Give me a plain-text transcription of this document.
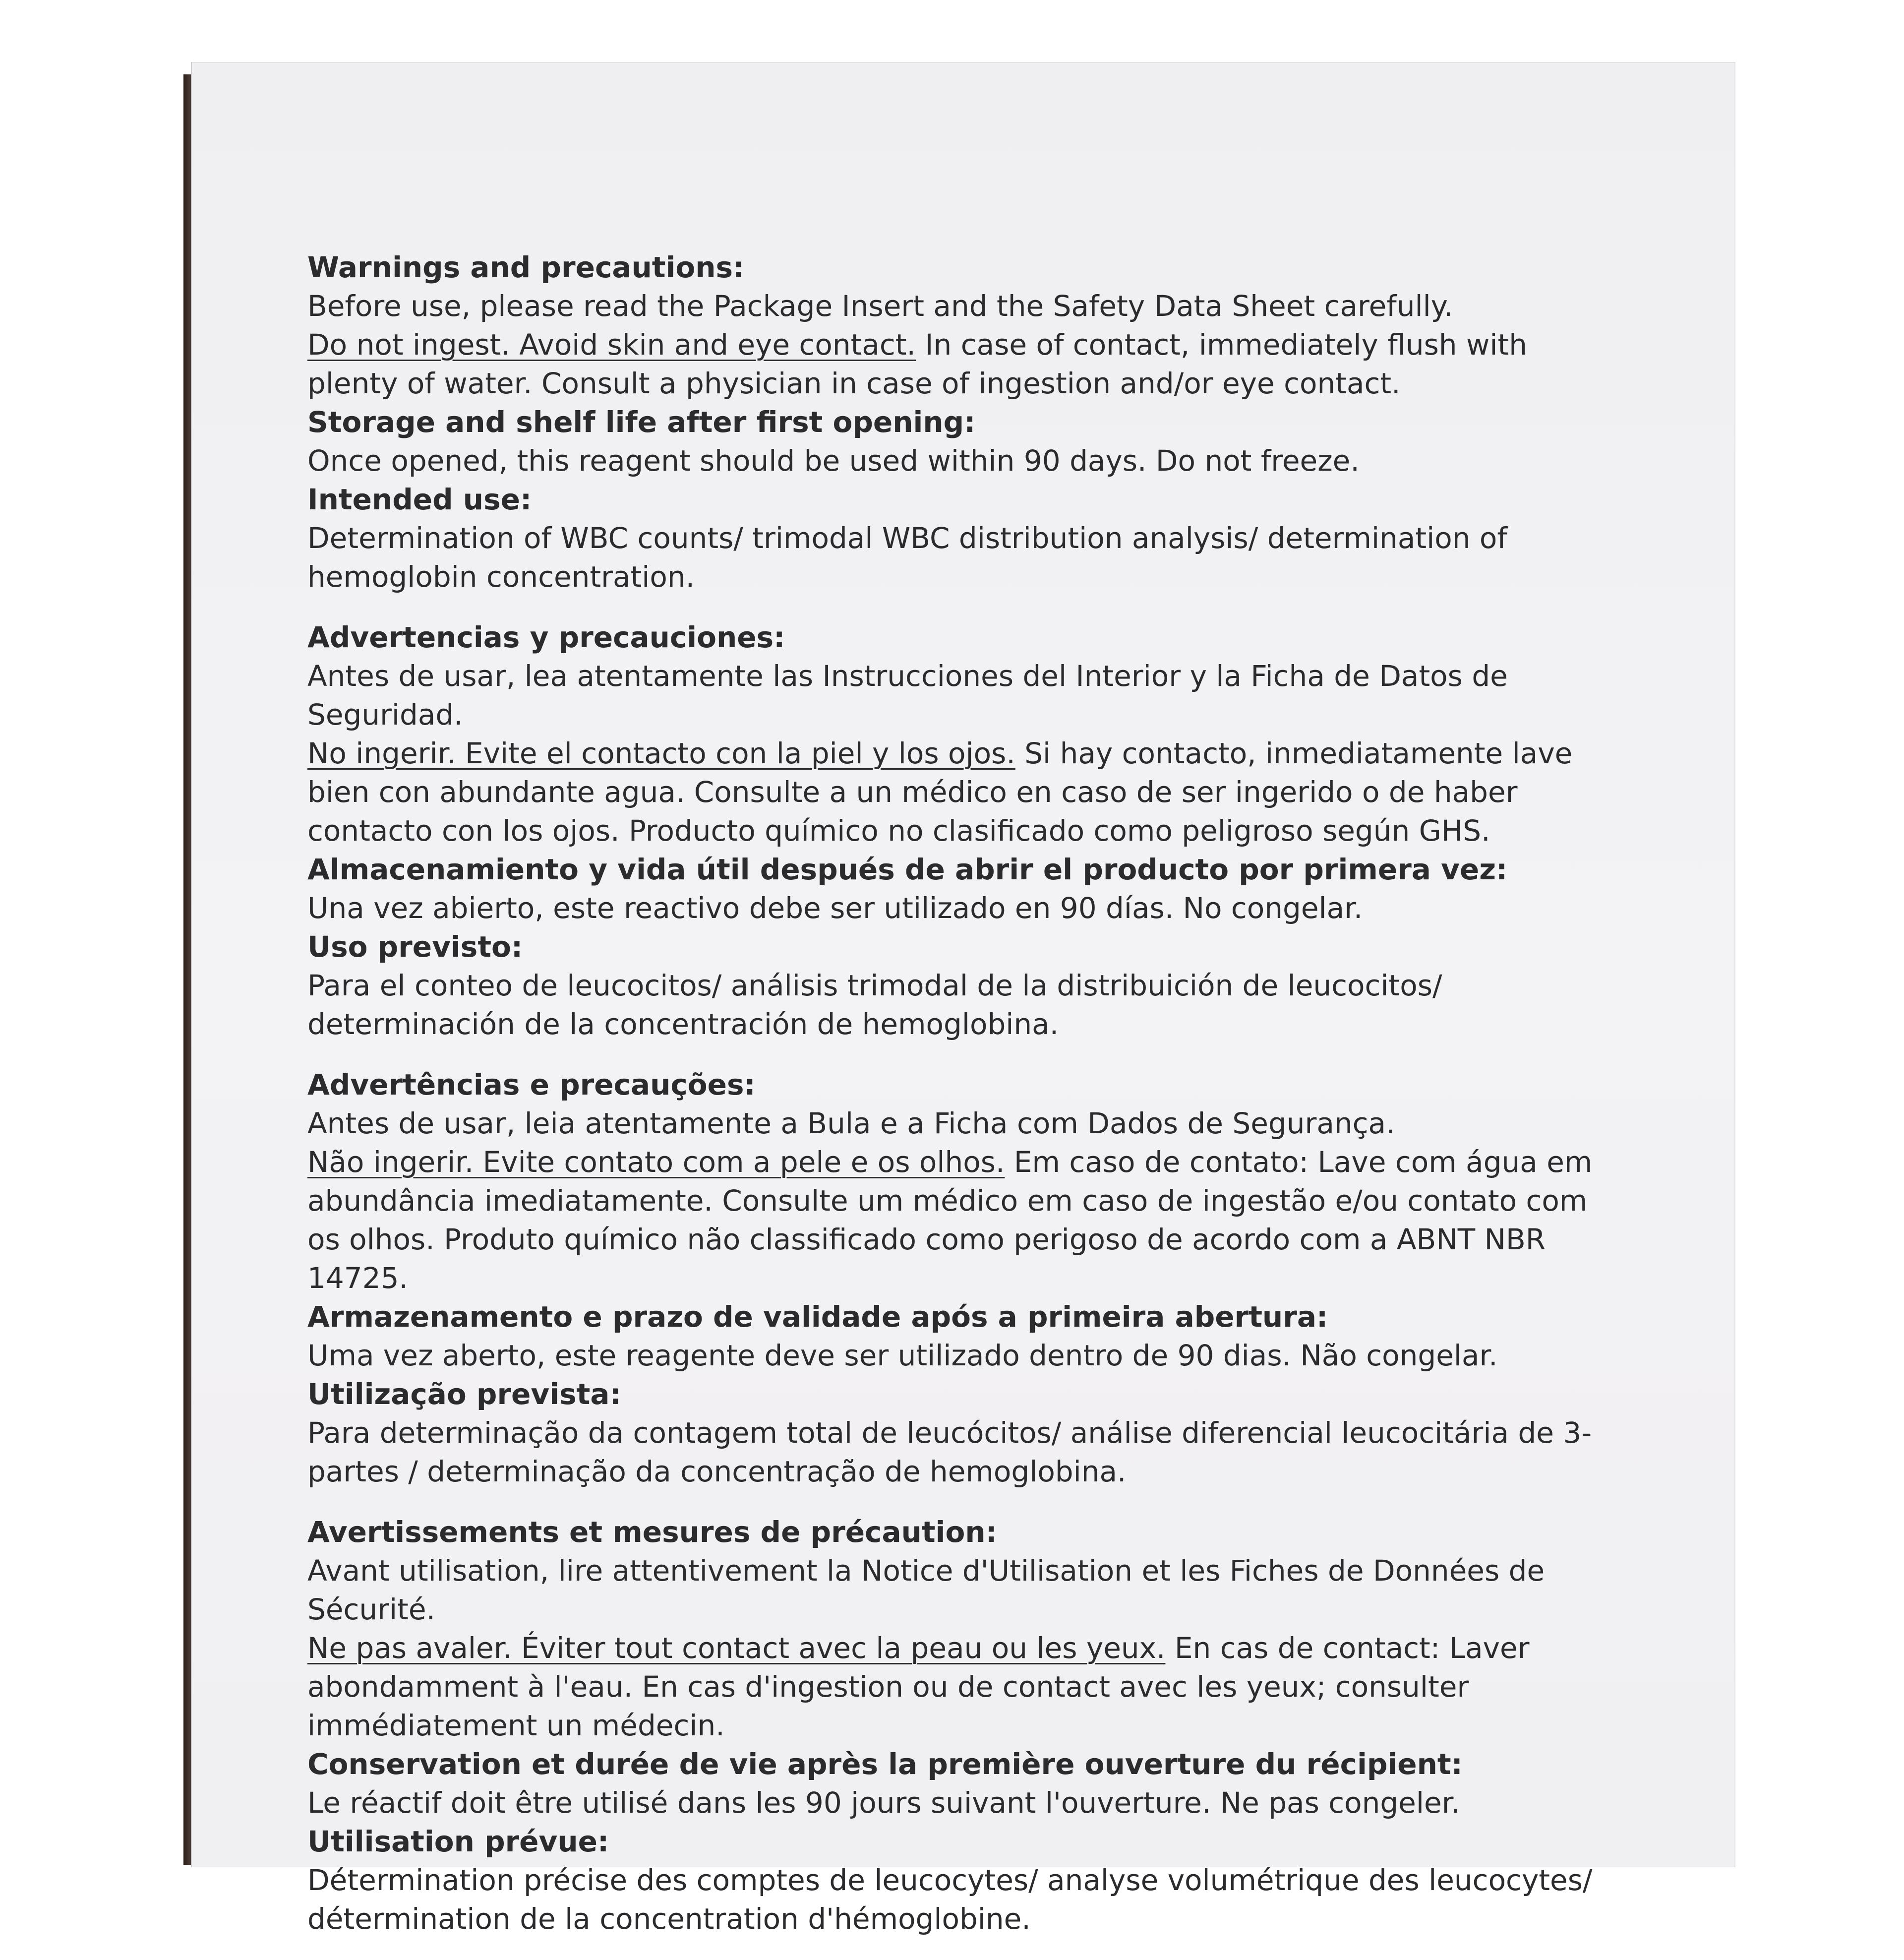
Warnings and precautions:

Before use, please read the Package Insert and the Safety Data Sheet carefully.
Do not ingest. Avoid skin and eye contact. In case of contact, immediately flush with plenty of water. Consult a physician in case of ingestion and/or eye contact.

Storage and shelf life after first opening:

Once opened, this reagent should be used within 90 days. Do not freeze.

Intended use:

Determination of WBC counts/ trimodal WBC distribution analysis/ determination of hemoglobin concentration.

Advertencias y precauciones:

Antes de usar, lea atentamente las Instrucciones del Interior y la Ficha de Datos de Seguridad.
No ingerir. Evite el contacto con la piel y los ojos. Si hay contacto, inmediatamente lave bien con abundante agua. Consulte a un médico en caso de ser ingerido o de haber contacto con los ojos. Producto químico no clasificado como peligroso según GHS.

Almacenamiento y vida útil después de abrir el producto por primera vez:

Una vez abierto, este reactivo debe ser utilizado en 90 días. No congelar.

Uso previsto:

Para el conteo de leucocitos/ análisis trimodal de la distribuición de leucocitos/ determinación de la concentración de hemoglobina.

Advertências e precauções:

Antes de usar, leia atentamente a Bula e a Ficha com Dados de Segurança.
Não ingerir. Evite contato com a pele e os olhos. Em caso de contato: Lave com água em abundância imediatamente. Consulte um médico em caso de ingestão e/ou contato com os olhos. Produto químico não classificado como perigoso de acordo com a ABNT NBR 14725.

Armazenamento e prazo de validade após a primeira abertura:

Uma vez aberto, este reagente deve ser utilizado dentro de 90 dias. Não congelar.

Utilização prevista:

Para determinação da contagem total de leucócitos/ análise diferencial leucocitária de 3-partes / determinação da concentração de hemoglobina.

Avertissements et mesures de précaution:

Avant utilisation, lire attentivement la Notice d'Utilisation et les Fiches de Données de Sécurité.
Ne pas avaler. Éviter tout contact avec la peau ou les yeux. En cas de contact: Laver abondamment à l'eau. En cas d'ingestion ou de contact avec les yeux; consulter immédiatement un médecin.

Conservation et durée de vie après la première ouverture du récipient:

Le réactif doit être utilisé dans les 90 jours suivant l'ouverture. Ne pas congeler.

Utilisation prévue:

Détermination précise des comptes de leucocytes/ analyse volumétrique des leucocytes/ détermination de la concentration d'hémoglobine.
